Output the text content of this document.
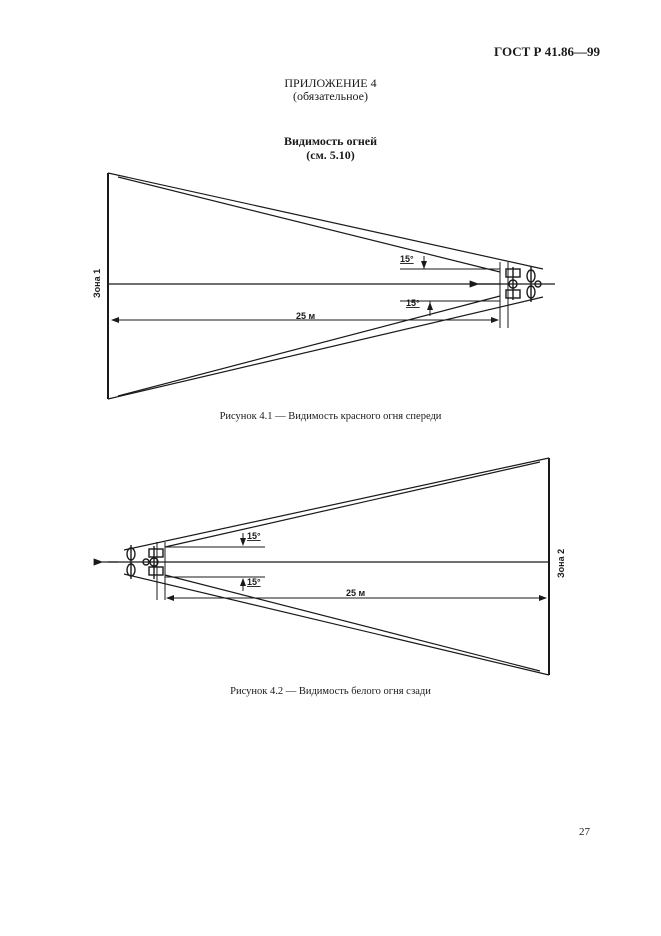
ГОСТ Р 41.86—99
ПРИЛОЖЕНИЕ 4
(обязательное)
Видимость огней
(см. 5.10)
Зона 1
15°
15°
25 м
Зона 2
15°
15°
25 м
Рисунок 4.1 — Видимость красного огня спереди
Рисунок 4.2 — Видимость белого огня сзади
27
